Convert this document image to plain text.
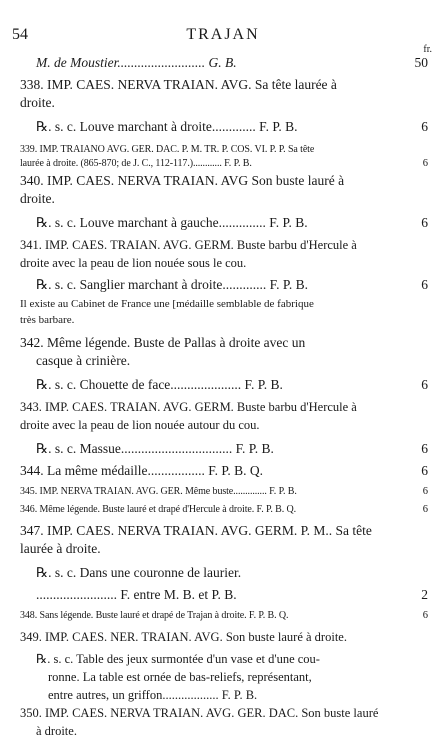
54	TRAJAN
fr.
M. de Moustier.......................... G. B.	50
338. IMP. CAES. NERVA TRAIAN. AVG. Sa tête laurée à
droite.
℞. s. c. Louve marchant à droite............. F. P. B.	6
339. IMP. TRAIANO AVG. GER. DAC. P. M. TR. P. COS. VI. P. P. Sa tête
laurée à droite. (865-870; de J. C., 112-117.)............ F. P. B.	6
340. IMP. CAES. NERVA TRAIAN. AVG Son buste lauré à
droite.
℞. s. c. Louve marchant à gauche.............. F. P. B.	6
341. IMP. CAES. TRAIAN. AVG. GERM. Buste barbu d'Hercule à
droite avec la peau de lion nouée sous le cou.
℞. s. c. Sanglier marchant à droite............. F. P. B.	6
Il existe au Cabinet de France une [médaille semblable de fabrique
très barbare.
342. Même légende. Buste de Pallas à droite avec un
casque à crinière.
℞. s. c. Chouette de face..................... F. P. B.	6
343. IMP. CAES. TRAIAN. AVG. GERM. Buste barbu d'Hercule à
droite avec la peau de lion nouée autour du cou.
℞. s. c. Massue................................. F. P. B.	6
344. La même médaille................. F. P. B. Q.	6
345. IMP. NERVA TRAIAN. AVG. GER. Même buste.............. F. P. B.	6
346. Même légende. Buste lauré et drapé d'Hercule à droite. F. P. B. Q.	6
347. IMP. CAES. NERVA TRAIAN. AVG. GERM. P. M.. Sa tête
laurée à droite.
℞. s. c. Dans une couronne de laurier.
........................ F. entre M. B. et P. B.	2
348. Sans légende. Buste lauré et drapé de Trajan à droite. F. P. B. Q.	6
349. IMP. CAES. NER. TRAIAN. AVG. Son buste lauré à droite.
℞. s. c. Table des jeux surmontée d'un vase et d'une cou-
ronne. La table est ornée de bas-reliefs, représentant,
entre autres, un griffon.................. F. P. B.
350. IMP. CAES. NERVA TRAIAN. AVG. GER. DAC. Son buste lauré
à droite.
